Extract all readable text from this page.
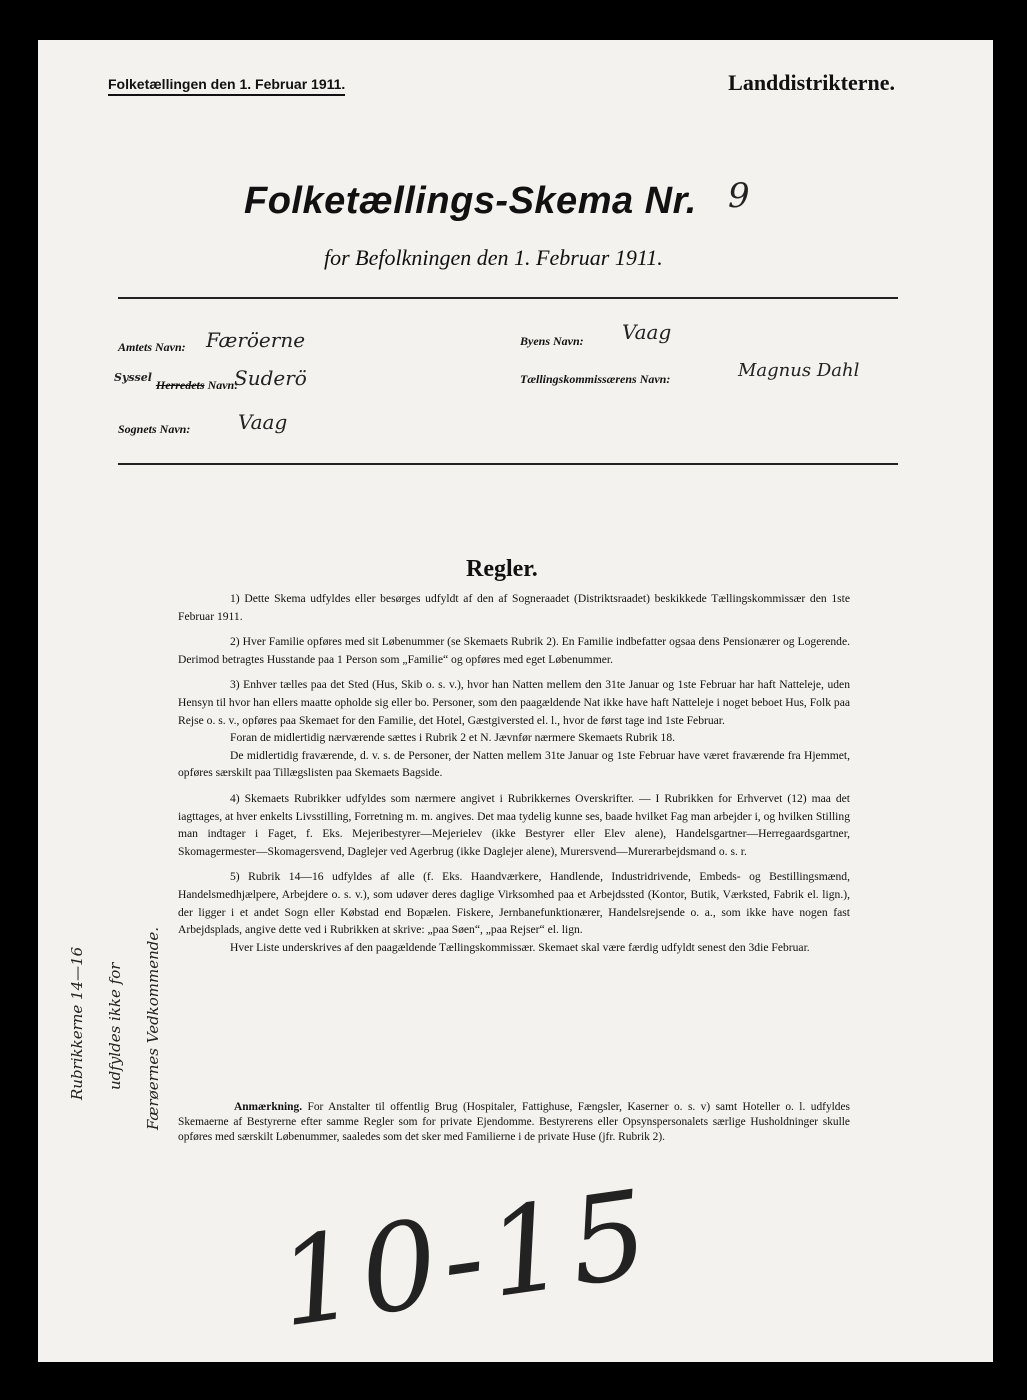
Folketællingen den 1. Februar 1911.	Landdistrikterne.
Folketællings-Skema Nr. 9
for Befolkningen den 1. Februar 1911.
Amtets Navn: Færöerne
SysselHerredets Navn:
Suderö
Sognets Navn: Vaag
Byens Navn: Vaag
Tællingskommissærens Navn:	Magnus Dahl
Regler.

1) Dette Skema udfyldes eller besørges udfyldt af den af Sogneraadet (Distriktsraadet) beskikkede Tællingskommissær den 1ste Februar 1911.

2) Hver Familie opføres med sit Løbenummer (se Skemaets Rubrik 2). En Familie indbefatter ogsaa dens Pensionærer og Logerende. Derimod betragtes Husstande paa 1 Person som „Familie“ og opføres med eget Løbenummer.

3) Enhver tælles paa det Sted (Hus, Skib o. s. v.), hvor han Natten mellem den 31te Januar og 1ste Februar har haft Natteleje, uden Hensyn til hvor han ellers maatte opholde sig eller bo. Personer, som den paagældende Nat ikke have haft Natteleje i noget beboet Hus, Folk paa Rejse o. s. v., opføres paa Skemaet for den Familie, det Hotel, Gæstgiversted el. l., hvor de først tage ind 1ste Februar.

Foran de midlertidig nærværende sættes i Rubrik 2 et N. Jævnfør nærmere Skemaets Rubrik 18.

De midlertidig fraværende, d. v. s. de Personer, der Natten mellem 31te Januar og 1ste Februar have været fraværende fra Hjemmet, opføres særskilt paa Tillægslisten paa Skemaets Bagside.

4) Skemaets Rubrikker udfyldes som nærmere angivet i Rubrikkernes Overskrifter. — I Rubrikken for Erhvervet (12) maa det iagttages, at hver enkelts Livsstilling, Forretning m. m. angives. Det maa tydelig kunne ses, baade hvilket Fag man arbejder i, og hvilken Stilling man indtager i Faget, f. Eks. Mejeribestyrer—Mejerielev (ikke Bestyrer eller Elev alene), Handelsgartner—Herregaardsgartner, Skomagermester—Skomagersvend, Daglejer ved Agerbrug (ikke Daglejer alene), Murersvend—Murerarbejdsmand o. s. r.

5) Rubrik 14—16 udfyldes af alle (f. Eks. Haandværkere, Handlende, Industridrivende, Embeds- og Bestillingsmænd, Handelsmedhjælpere, Arbejdere o. s. v.), som udøver deres daglige Virksomhed paa et Arbejdssted (Kontor, Butik, Værksted, Fabrik el. lign.), der ligger i et andet Sogn eller Købstad end Bopælen. Fiskere, Jernbanefunktionærer, Handelsrejsende o. a., som ikke have nogen fast Arbejdsplads, angive dette ved i Rubrikken at skrive: „paa Søen“, „paa Rejser“ el. lign.

Hver Liste underskrives af den paagældende Tællingskommissær. Skemaet skal være færdig udfyldt senest den 3die Februar.

Anmærkning. For Anstalter til offentlig Brug (Hospitaler, Fattighuse, Fængsler, Kaserner o. s. v) samt Hoteller o. l. udfyldes Skemaerne af Bestyrerne efter samme Regler som for private Ejendomme. Bestyrerens eller Opsynspersonalets særlige Husholdninger skulle opføres med særskilt Løbenummer, saaledes som det sker med Familierne i de private Huse (jfr. Rubrik 2).
Rubrikkerne 14—16 udfyldes ikke for Færøernes Vedkommende.
10-15
